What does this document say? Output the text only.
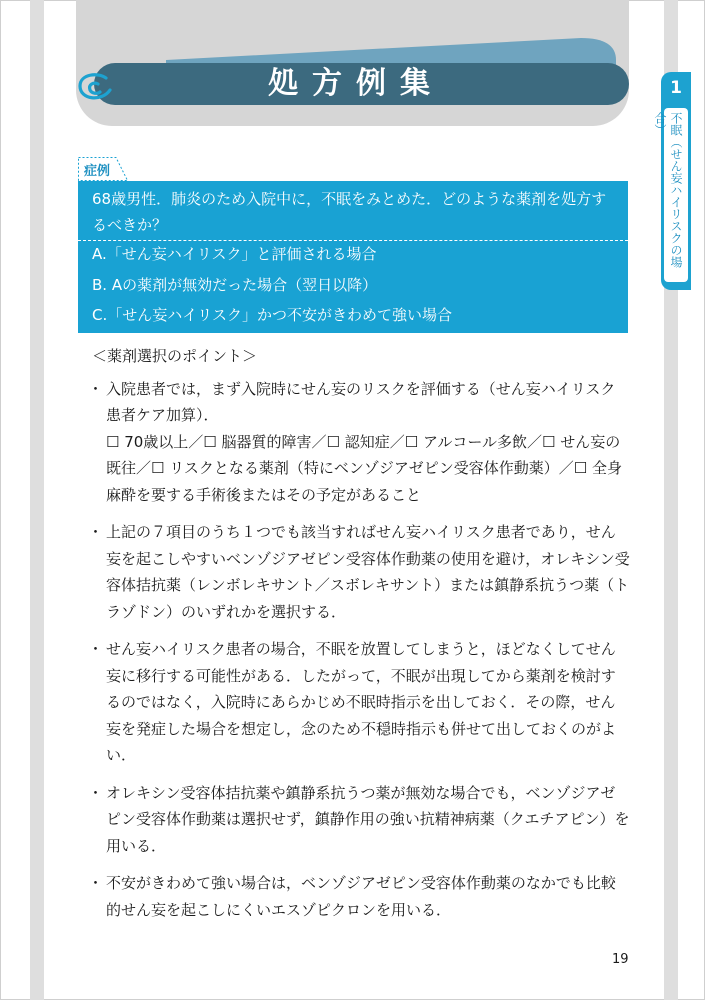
処方例集	1
不眠（せん妄ハイリスクの場合）
症例
68歳男性．肺炎のため入院中に，不眠をみとめた．どのような薬剤を処方するべきか？
A.「せん妄ハイリスク」と評価される場合
B. Aの薬剤が無効だった場合（翌日以降）
C.「せん妄ハイリスク」かつ不安がきわめて強い場合

＜薬剤選択のポイント＞

・ 入院患者では，まず入院時にせん妄のリスクを評価する（せん妄ハイリスク患者ケア加算）．

☐ 70歳以上／☐ 脳器質的障害／☐ 認知症／☐ アルコール多飲／☐ せん妄の既往／☐ リスクとなる薬剤（特にベンゾジアゼピン受容体作動薬）／☐ 全身麻酔を要する手術後またはその予定があること

・ 上記の７項目のうち１つでも該当すればせん妄ハイリスク患者であり，せん妄を起こしやすいベンゾジアゼピン受容体作動薬の使用を避け，オレキシン受容体拮抗薬（レンボレキサント／スボレキサント）または鎮静系抗うつ薬（トラゾドン）のいずれかを選択する．

・ せん妄ハイリスク患者の場合，不眠を放置してしまうと，ほどなくしてせん妄に移行する可能性がある．したがって，不眠が出現してから薬剤を検討するのではなく，入院時にあらかじめ不眠時指示を出しておく．その際，せん妄を発症した場合を想定し，念のため不穏時指示も併せて出しておくのがよい．

・ オレキシン受容体拮抗薬や鎮静系抗うつ薬が無効な場合でも，ベンゾジアゼピン受容体作動薬は選択せず，鎮静作用の強い抗精神病薬（クエチアピン）を用いる．

・ 不安がきわめて強い場合は，ベンゾジアゼピン受容体作動薬のなかでも比較的せん妄を起こしにくいエスゾピクロンを用いる．

19
